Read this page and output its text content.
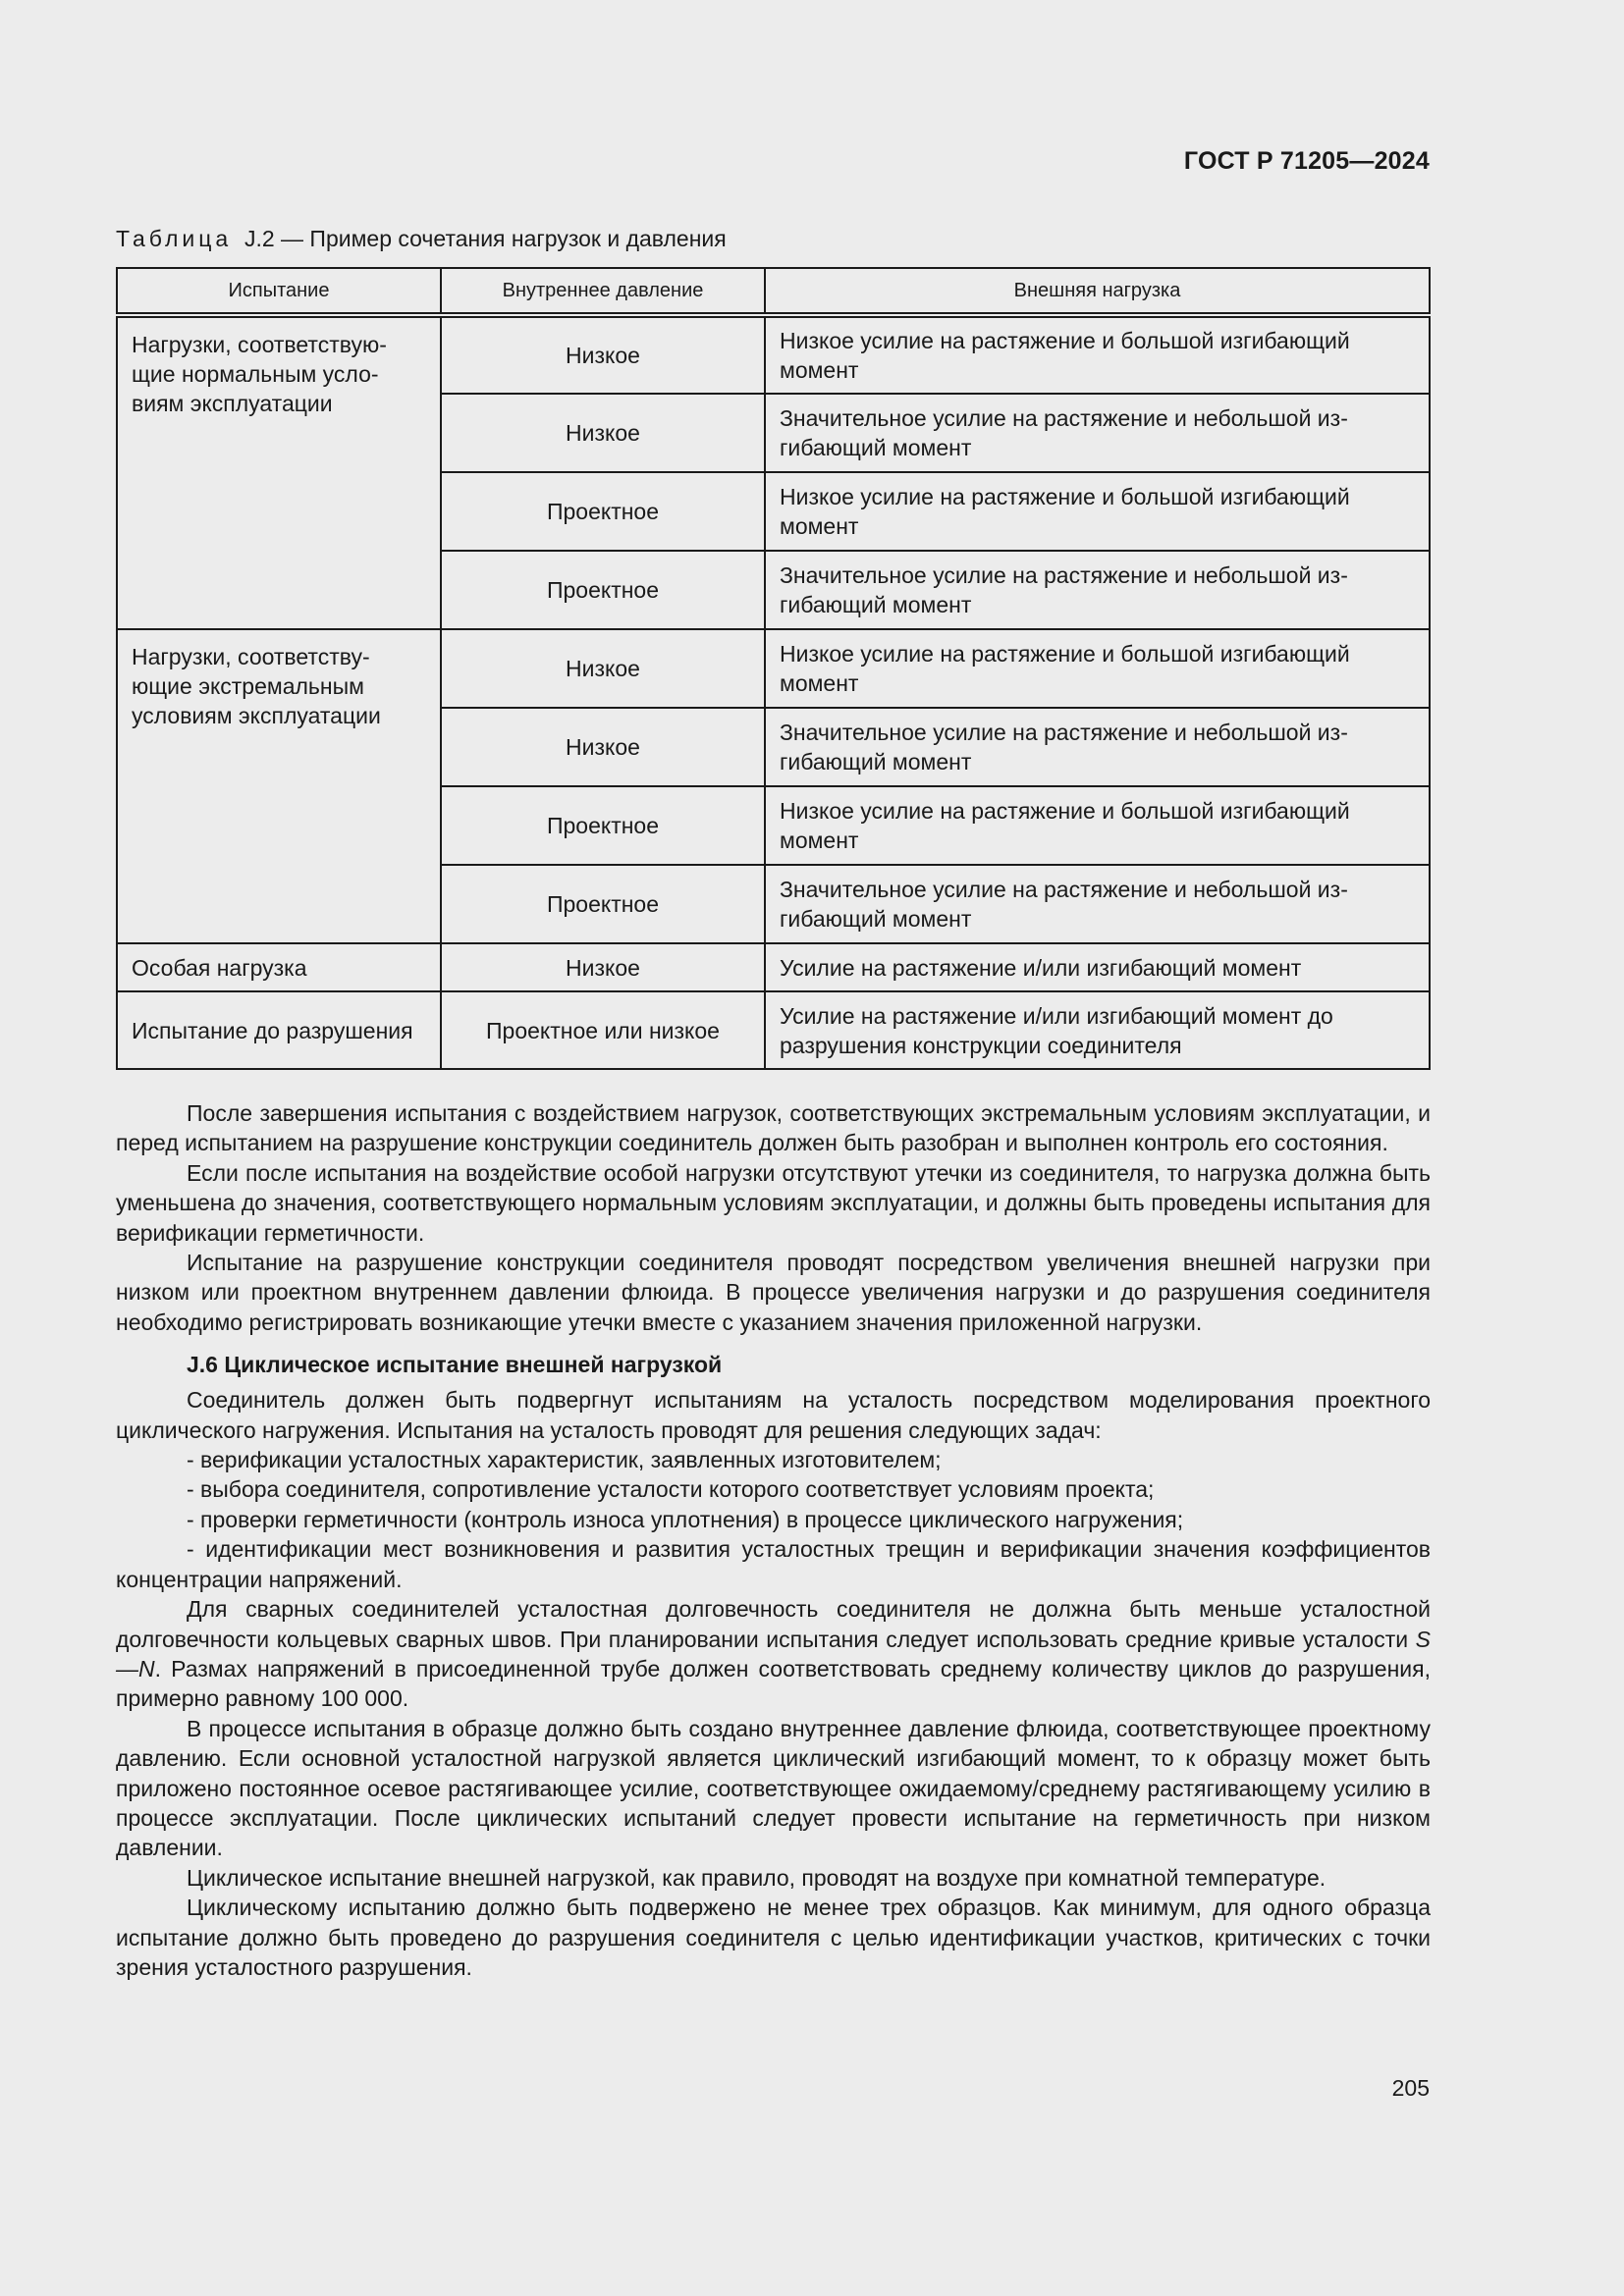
ГОСТ Р 71205—2024
Таблица J.2 — Пример сочетания нагрузок и давления
Испытание	Внутреннее давление	Внешняя нагрузка
Нагрузки, соответствую-щие нормальным усло-виям эксплуатации	Низкое	Низкое усилие на растяжение и большой изгибающий момент
	Низкое	Значительное усилие на растяжение и небольшой из-гибающий момент
	Проектное	Низкое усилие на растяжение и большой изгибающий момент
	Проектное	Значительное усилие на растяжение и небольшой из-гибающий момент
Нагрузки, соответству-ющие экстремальным условиям эксплуатации	Низкое	Низкое усилие на растяжение и большой изгибающий момент
	Низкое	Значительное усилие на растяжение и небольшой из-гибающий момент
	Проектное	Низкое усилие на растяжение и большой изгибающий момент
	Проектное	Значительное усилие на растяжение и небольшой из-гибающий момент
Особая нагрузка	Низкое	Усилие на растяжение и/или изгибающий момент
Испытание до разрушения	Проектное или низкое	Усилие на растяжение и/или изгибающий момент до разрушения конструкции соединителя

После завершения испытания с воздействием нагрузок, соответствующих экстремальным условиям эксплуатации, и перед испытанием на разрушение конструкции соединитель должен быть разобран и выполнен контроль его состояния.

Если после испытания на воздействие особой нагрузки отсутствуют утечки из соединителя, то нагрузка должна быть уменьшена до значения, соответствующего нормальным условиям эксплуатации, и должны быть проведены испытания для верификации герметичности.

Испытание на разрушение конструкции соединителя проводят посредством увеличения внешней нагрузки при низком или проектном внутреннем давлении флюида. В процессе увеличения нагрузки и до разрушения соединителя необходимо регистрировать возникающие утечки вместе с указанием значения приложенной нагрузки.

J.6 Циклическое испытание внешней нагрузкой

Соединитель должен быть подвергнут испытаниям на усталость посредством моделирования проектного циклического нагружения. Испытания на усталость проводят для решения следующих задач:

- верификации усталостных характеристик, заявленных изготовителем;

- выбора соединителя, сопротивление усталости которого соответствует условиям проекта;

- проверки герметичности (контроль износа уплотнения) в процессе циклического нагружения;

- идентификации мест возникновения и развития усталостных трещин и верификации значения коэффициентов концентрации напряжений.

Для сварных соединителей усталостная долговечность соединителя не должна быть меньше усталостной долговечности кольцевых сварных швов. При планировании испытания следует использовать средние кривые усталости S—N. Размах напряжений в присоединенной трубе должен соответствовать среднему количеству циклов до разрушения, примерно равному 100 000.

В процессе испытания в образце должно быть создано внутреннее давление флюида, соответствующее проектному давлению. Если основной усталостной нагрузкой является циклический изгибающий момент, то к образцу может быть приложено постоянное осевое растягивающее усилие, соответствующее ожидаемому/среднему растягивающему усилию в процессе эксплуатации. После циклических испытаний следует провести испытание на герметичность при низком давлении.

Циклическое испытание внешней нагрузкой, как правило, проводят на воздухе при комнатной температуре.

Циклическому испытанию должно быть подвержено не менее трех образцов. Как минимум, для одного образца испытание должно быть проведено до разрушения соединителя с целью идентификации участков, критических с точки зрения усталостного разрушения.

205
